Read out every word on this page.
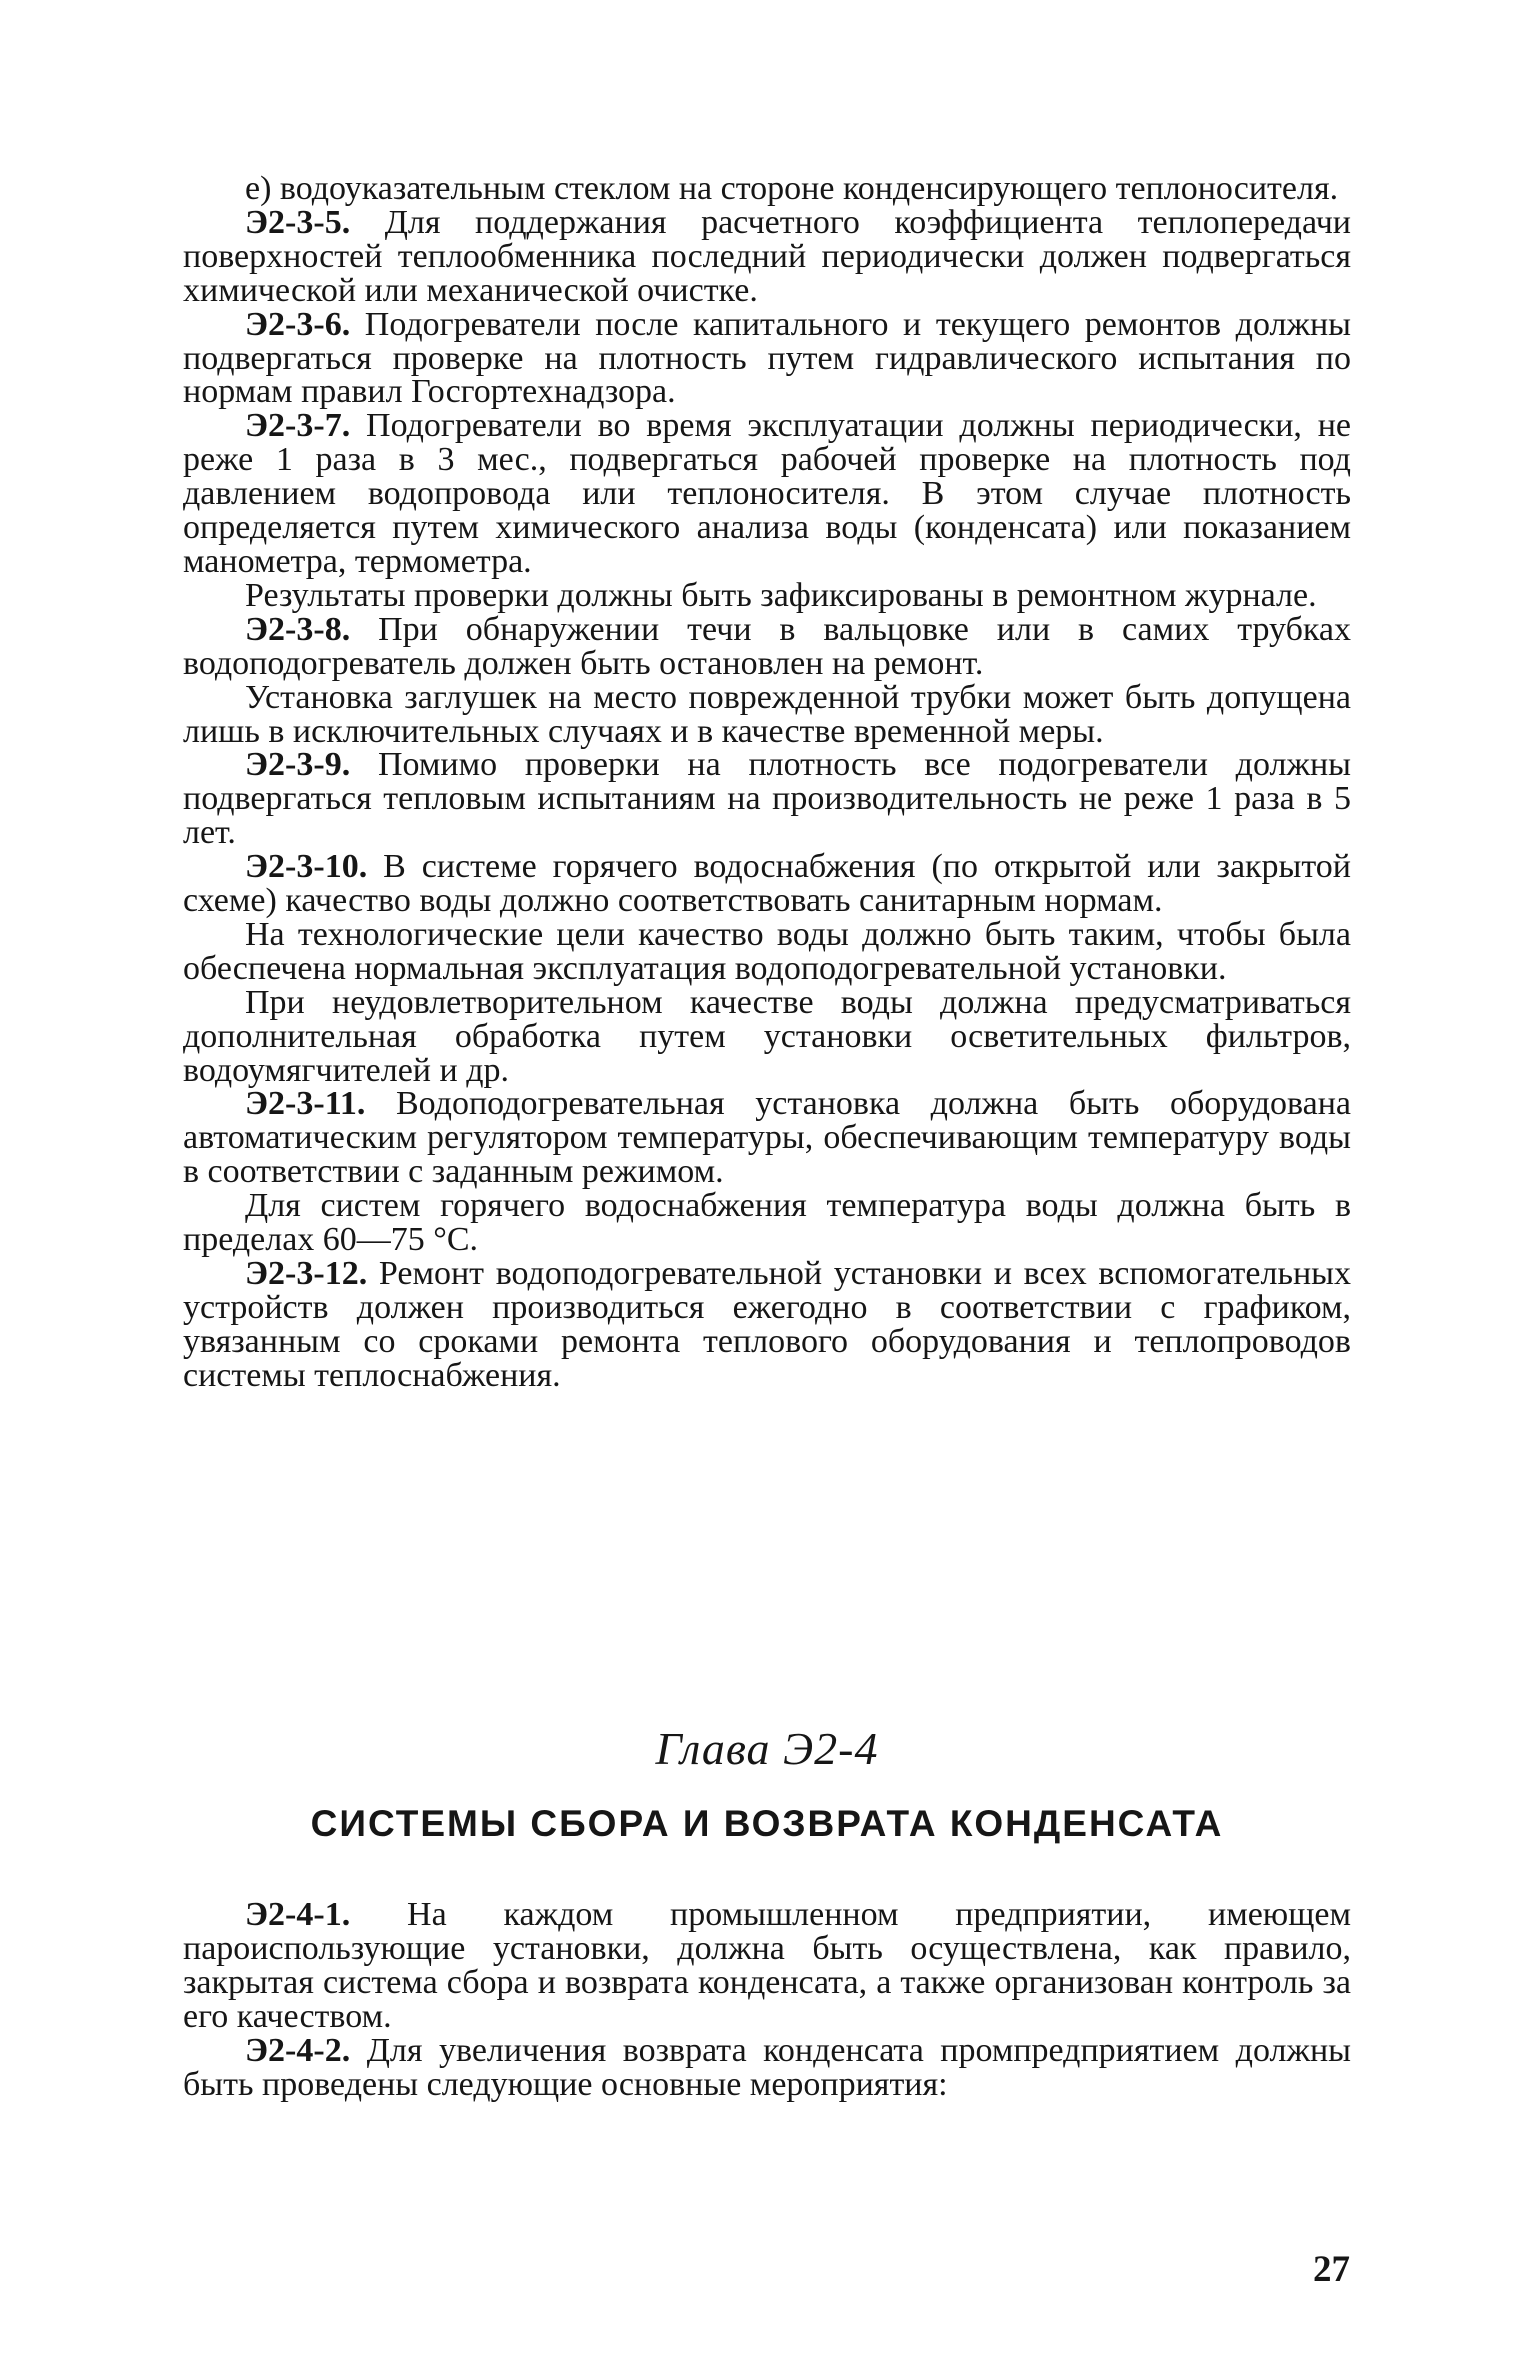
е) водоуказательным стеклом на стороне конденсирующего теплоносителя.

Э2-3-5. Для поддержания расчетного коэффициента теплопередачи поверхностей теплообменника последний периодически должен подвергаться химической или механической очистке.

Э2-3-6. Подогреватели после капитального и текущего ремонтов должны подвергаться проверке на плотность путем гидравлического испытания по нормам правил Госгортехнадзора.

Э2-3-7. Подогреватели во время эксплуатации должны периодически, не реже 1 раза в 3 мес., подвергаться рабочей проверке на плотность под давлением водопровода или теплоносителя. В этом случае плотность определяется путем химического анализа воды (конденсата) или показанием манометра, термометра.

Результаты проверки должны быть зафиксированы в ремонтном журнале.

Э2-3-8. При обнаружении течи в вальцовке или в самих трубках водоподогреватель должен быть остановлен на ремонт.

Установка заглушек на место поврежденной трубки может быть допущена лишь в исключительных случаях и в качестве временной меры.

Э2-3-9. Помимо проверки на плотность все подогреватели должны подвергаться тепловым испытаниям на производительность не реже 1 раза в 5 лет.

Э2-3-10. В системе горячего водоснабжения (по открытой или закрытой схеме) качество воды должно соответствовать санитарным нормам.

На технологические цели качество воды должно быть таким, чтобы была обеспечена нормальная эксплуатация водоподогревательной установки.

При неудовлетворительном качестве воды должна предусматриваться дополнительная обработка путем установки осветительных фильтров, водоумягчителей и др.

Э2-3-11. Водоподогревательная установка должна быть оборудована автоматическим регулятором температуры, обеспечивающим температуру воды в соответствии с заданным режимом.

Для систем горячего водоснабжения температура воды должна быть в пределах 60—75 °C.

Э2-3-12. Ремонт водоподогревательной установки и всех вспомогательных устройств должен производиться ежегодно в соответствии с графиком, увязанным со сроками ремонта теплового оборудования и теплопроводов системы теплоснабжения.

Глава Э2-4
СИСТЕМЫ СБОРА И ВОЗВРАТА КОНДЕНСАТА

Э2-4-1. На каждом промышленном предприятии, имеющем пароиспользующие установки, должна быть осуществлена, как правило, закрытая система сбора и возврата конденсата, а также организован контроль за его качеством.

Э2-4-2. Для увеличения возврата конденсата промпредприятием должны быть проведены следующие основные мероприятия:

27
